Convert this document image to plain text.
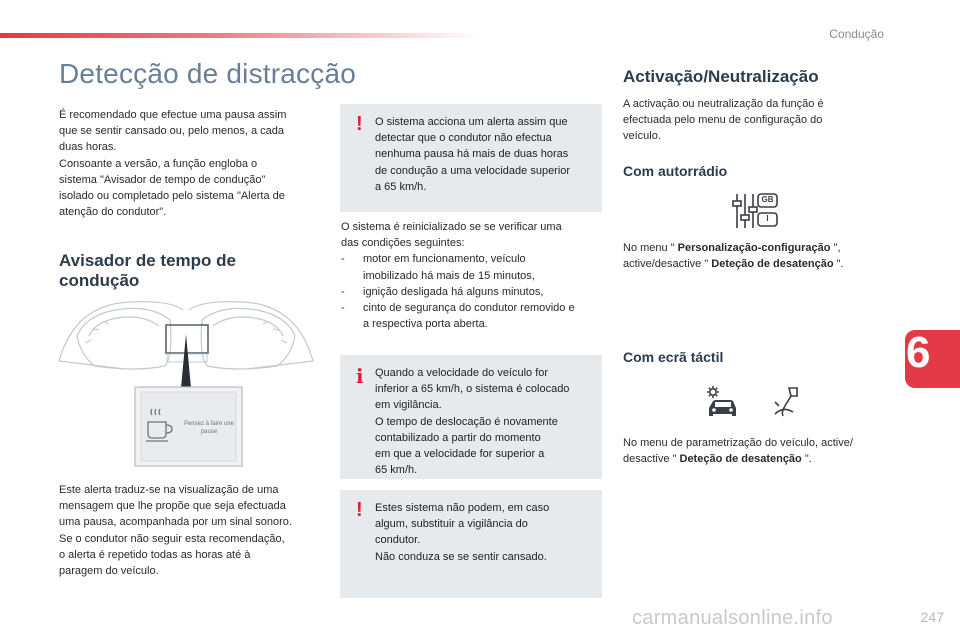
Condução
Detecção de distracção
É recomendado que efectue uma pausa assim
que se sentir cansado ou, pelo menos, a cada
duas horas.
Consoante a versão, a função engloba o
sistema "Avisador de tempo de condução"
isolado ou completado pelo sistema "Alerta de
atenção do condutor".
Avisador de tempo de
condução
Pensez à faire une
pause
Este alerta traduz-se na visualização de uma
mensagem que lhe propõe que seja efectuada
uma pausa, acompanhada por um sinal sonoro.
Se o condutor não seguir esta recomendação,
o alerta é repetido todas as horas até à
paragem do veículo.
! O sistema acciona um alerta assim que
detectar que o condutor não efectua
nenhuma pausa há mais de duas horas
de condução a uma velocidade superior
a 65 km/h.
O sistema é reinicializado se se verificar uma
das condições seguintes:
- motor em funcionamento, veículo
imobilizado há mais de 15 minutos,
- ignição desligada há alguns minutos,
- cinto de segurança do condutor removido e
a respectiva porta aberta.
i Quando a velocidade do veículo for
inferior a 65 km/h, o sistema é colocado
em vigilância.
O tempo de deslocação é novamente
contabilizado a partir do momento
em que a velocidade for superior a
65 km/h.
! Estes sistema não podem, em caso
algum, substituir a vigilância do
condutor.
Não conduza se se sentir cansado.
Activação/Neutralização
A activação ou neutralização da função é
efectuada pelo menu de configuração do
veículo.
Com autorrádio
GB
I
No menu " Personalização-configuração ",
active/desactive " Deteção de desatenção ".
Com ecrã táctil
No menu de parametrização do veículo, active/
desactive " Deteção de desatenção ".
6
247
carmanualsonline.info
